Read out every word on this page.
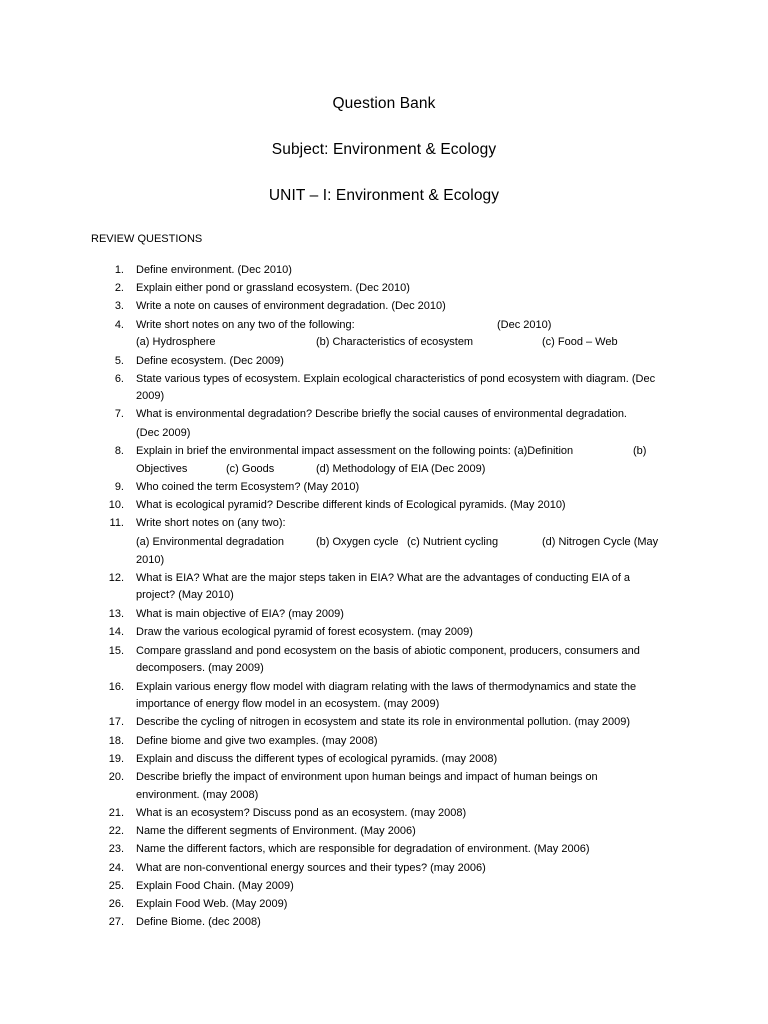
Question Bank
Subject: Environment & Ecology
UNIT – I: Environment & Ecology
REVIEW QUESTIONS
1. Define environment. (Dec 2010)
2. Explain either pond or grassland ecosystem. (Dec 2010)
3. Write a note on causes of environment degradation. (Dec 2010)
4. Write short notes on any two of the following:	(Dec 2010)
(a) Hydrosphere	(b) Characteristics of ecosystem	(c) Food – Web
5. Define ecosystem. (Dec 2009)
6. State various types of ecosystem. Explain ecological characteristics of pond ecosystem with diagram. (Dec
2009)
7. What is environmental degradation? Describe briefly the social causes of environmental degradation.
(Dec 2009)
8. Explain in brief the environmental impact assessment on the following points: (a)Definition	(b)
Objectives	(c) Goods	(d) Methodology of EIA (Dec 2009)
9. Who coined the term Ecosystem? (May 2010)
10. What is ecological pyramid? Describe different kinds of Ecological pyramids. (May 2010)
11. Write short notes on (any two):
(a) Environmental degradation	(b) Oxygen cycle (c) Nutrient cycling	(d) Nitrogen Cycle (May
2010)
12. What is EIA? What are the major steps taken in EIA? What are the advantages of conducting EIA of a
project? (May 2010)
13. What is main objective of EIA? (may 2009)
14. Draw the various ecological pyramid of forest ecosystem. (may 2009)
15. Compare grassland and pond ecosystem on the basis of abiotic component, producers, consumers and
decomposers. (may 2009)
16. Explain various energy flow model with diagram relating with the laws of thermodynamics and state the
importance of energy flow model in an ecosystem. (may 2009)
17. Describe the cycling of nitrogen in ecosystem and state its role in environmental pollution. (may 2009)
18. Define biome and give two examples. (may 2008)
19. Explain and discuss the different types of ecological pyramids. (may 2008)
20. Describe briefly the impact of environment upon human beings and impact of human beings on
environment. (may 2008)
21. What is an ecosystem? Discuss pond as an ecosystem. (may 2008)
22. Name the different segments of Environment. (May 2006)
23. Name the different factors, which are responsible for degradation of environment. (May 2006)
24. What are non-conventional energy sources and their types? (may 2006)
25. Explain Food Chain. (May 2009)
26. Explain Food Web. (May 2009)
27. Define Biome. (dec 2008)
